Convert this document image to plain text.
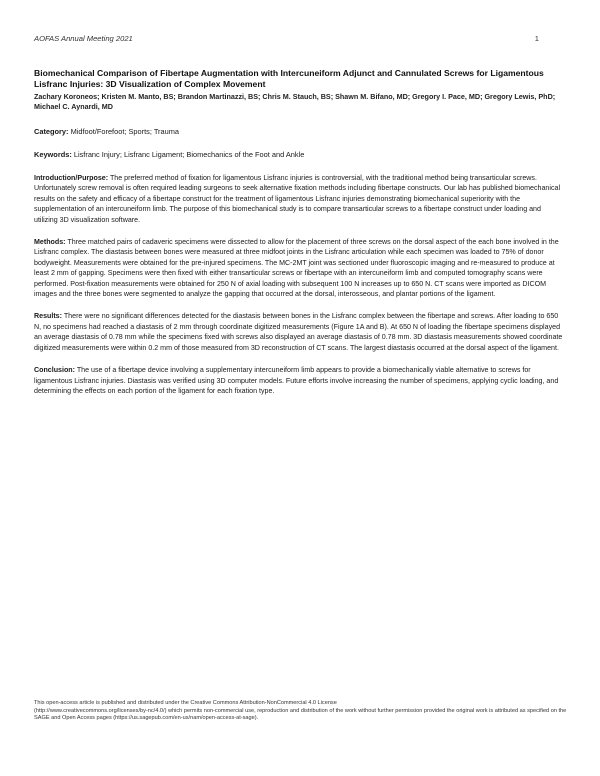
AOFAS Annual Meeting 2021	1

Biomechanical Comparison of Fibertape Augmentation with Intercuneiform Adjunct and Cannulated Screws for Ligamentous Lisfranc Injuries: 3D Visualization of Complex Movement

Zachary Koroneos; Kristen M. Manto, BS; Brandon Martinazzi, BS; Chris M. Stauch, BS; Shawn M. Bifano, MD; Gregory I. Pace, MD; Gregory Lewis, PhD; Michael C. Aynardi, MD

Category: Midfoot/Forefoot; Sports; Trauma

Keywords: Lisfranc Injury; Lisfranc Ligament; Biomechanics of the Foot and Ankle

Introduction/Purpose: The preferred method of fixation for ligamentous Lisfranc injuries is controversial, with the traditional method being transarticular screws. Unfortunately screw removal is often required leading surgeons to seek alternative fixation methods including fibertape constructs. Our lab has published biomechanical results on the safety and efficacy of a fibertape construct for the treatment of ligamentous Lisfranc injuries demonstrating biomechanical superiority with the supplementation of an intercuneiform limb. The purpose of this biomechanical study is to compare transarticular screws to a fibertape construct under loading and utilizing 3D visualization software.

Methods: Three matched pairs of cadaveric specimens were dissected to allow for the placement of three screws on the dorsal aspect of the each bone involved in the Lisfranc complex. The diastasis between bones were measured at three midfoot joints in the Lisfranc articulation while each specimen was loaded to 75% of donor bodyweight. Measurements were obtained for the pre-injured specimens. The MC-2MT joint was sectioned under fluoroscopic imaging and re-measured to produce at least 2 mm of gapping. Specimens were then fixed with either transarticular screws or fibertape with an intercuneiform limb and computed tomography scans were performed. Post-fixation measurements were obtained for 250 N of axial loading with subsequent 100 N increases up to 650 N. CT scans were imported as DICOM images and the three bones were segmented to analyze the gapping that occurred at the dorsal, interosseous, and plantar portions of the ligament.

Results: There were no significant differences detected for the diastasis between bones in the Lisfranc complex between the fibertape and screws. After loading to 650 N, no specimens had reached a diastasis of 2 mm through coordinate digitized measurements (Figure 1A and B). At 650 N of loading the fibertape specimens displayed an average diastasis of 0.78 mm while the specimens fixed with screws also displayed an average diastasis of 0.78 mm. 3D diastasis measurements showed coordinate digitized measurements were within 0.2 mm of those measured from 3D reconstruction of CT scans. The largest diastasis occurred at the dorsal aspect of the ligament.

Conclusion: The use of a fibertape device involving a supplementary intercuneiform limb appears to provide a biomechanically viable alternative to screws for ligamentous Lisfranc injuries. Diastasis was verified using 3D computer models. Future efforts involve increasing the number of specimens, applying cyclic loading, and determining the effects on each portion of the ligament for each fixation type.

This open-access article is published and distributed under the Creative Commons Attribution-NonCommercial 4.0 License
(http://www.creativecommons.org/licenses/by-nc/4.0/) which permits non-commercial use, reproduction and distribution of the work without further permission provided the original work is attributed as specified on the SAGE and Open Access pages (https://us.sagepub.com/en-us/nam/open-access-at-sage).
